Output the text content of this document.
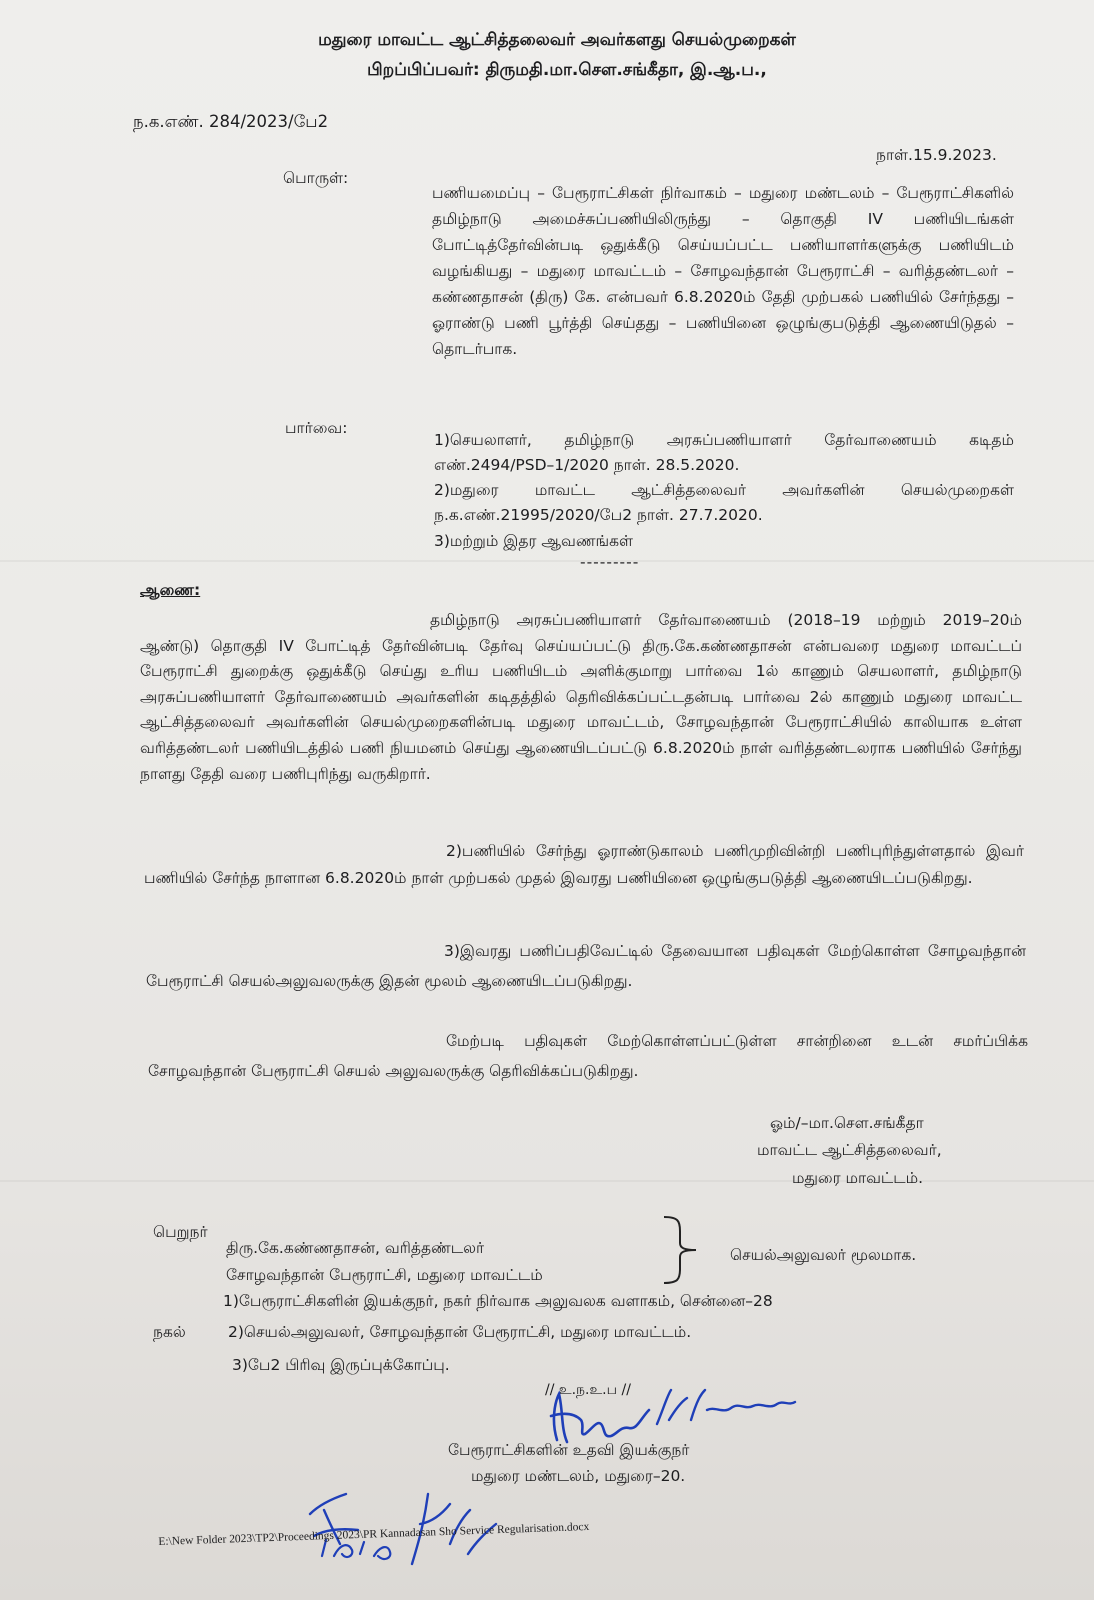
மதுரை மாவட்ட ஆட்சித்தலைவர் அவர்களது செயல்முறைகள்
பிறப்பிப்பவர்: திருமதி.மா.சௌ.சங்கீதா, இ.ஆ.ப.,
ந.க.எண். 284/2023/பே2
நாள்.15.9.2023.
பொருள்:
பணியமைப்பு – பேரூராட்சிகள் நிர்வாகம் – மதுரை மண்டலம் – பேரூராட்சிகளில் தமிழ்நாடு அமைச்சுப்பணியிலிருந்து – தொகுதி IV பணியிடங்கள் போட்டித்தேர்வின்படி ஒதுக்கீடு செய்யப்பட்ட பணியாளர்களுக்கு பணியிடம் வழங்கியது – மதுரை மாவட்டம் – சோழவந்தான் பேரூராட்சி – வரித்தண்டலர் – கண்ணதாசன் (திரு) கே. என்பவர் 6.8.2020ம் தேதி முற்பகல் பணியில் சேர்ந்தது – ஓராண்டு பணி பூர்த்தி செய்தது – பணியினை ஒழுங்குபடுத்தி ஆணையிடுதல் – தொடர்பாக.
பார்வை:
1)செயலாளர், தமிழ்நாடு அரசுப்பணியாளர் தேர்வாணையம் கடிதம் எண்.2494/PSD–1/2020 நாள். 28.5.2020.
2)மதுரை மாவட்ட ஆட்சித்தலைவர் அவர்களின் செயல்முறைகள் ந.க.எண்.21995/2020/பே2 நாள். 27.7.2020.
3)மற்றும் இதர ஆவணங்கள்
---------
ஆணை:
தமிழ்நாடு அரசுப்பணியாளர் தேர்வாணையம் (2018–19 மற்றும் 2019–20ம் ஆண்டு) தொகுதி IV போட்டித் தேர்வின்படி தேர்வு செய்யப்பட்டு திரு.கே.கண்ணதாசன் என்பவரை மதுரை மாவட்டப் பேரூராட்சி துறைக்கு ஒதுக்கீடு செய்து உரிய பணியிடம் அளிக்குமாறு பார்வை 1ல் காணும் செயலாளர், தமிழ்நாடு அரசுப்பணியாளர் தேர்வாணையம் அவர்களின் கடிதத்தில் தெரிவிக்கப்பட்டதன்படி பார்வை 2ல் காணும் மதுரை மாவட்ட ஆட்சித்தலைவர் அவர்களின் செயல்முறைகளின்படி மதுரை மாவட்டம், சோழவந்தான் பேரூராட்சியில் காலியாக உள்ள வரித்தண்டலர் பணியிடத்தில் பணி நியமனம் செய்து ஆணையிடப்பட்டு 6.8.2020ம் நாள் வரித்தண்டலராக பணியில் சேர்ந்து நாளது தேதி வரை பணிபுரிந்து வருகிறார்.
2)பணியில் சேர்ந்து ஓராண்டுகாலம் பணிமுறிவின்றி பணிபுரிந்துள்ளதால் இவர் பணியில் சேர்ந்த நாளான 6.8.2020ம் நாள் முற்பகல் முதல் இவரது பணியினை ஒழுங்குபடுத்தி ஆணையிடப்படுகிறது.
3)இவரது பணிப்பதிவேட்டில் தேவையான பதிவுகள் மேற்கொள்ள சோழவந்தான் பேரூராட்சி செயல்அலுவலருக்கு இதன் மூலம் ஆணையிடப்படுகிறது.
மேற்படி பதிவுகள் மேற்கொள்ளப்பட்டுள்ள சான்றினை உடன் சமர்ப்பிக்க சோழவந்தான் பேரூராட்சி செயல் அலுவலருக்கு தெரிவிக்கப்படுகிறது.
ஓம்/–மா.சௌ.சங்கீதா
மாவட்ட ஆட்சித்தலைவர்,
மதுரை மாவட்டம்.
பெறுநர்
திரு.கே.கண்ணதாசன், வரித்தண்டலர்
சோழவந்தான் பேரூராட்சி, மதுரை மாவட்டம்
செயல்அலுவலர் மூலமாக.
நகல்
1)பேரூராட்சிகளின் இயக்குநர், நகர் நிர்வாக அலுவலக வளாகம், சென்னை–28
2)செயல்அலுவலர், சோழவந்தான் பேரூராட்சி, மதுரை மாவட்டம்.
3)பே2 பிரிவு இருப்புக்கோப்பு.
// உ.ந.உ.ப //
பேரூராட்சிகளின் உதவி இயக்குநர்
மதுரை மண்டலம், மதுரை–20.
E:\New Folder 2023\TP2\Proceedings 2023\PR Kannadasan Sho Service Regularisation.docx
